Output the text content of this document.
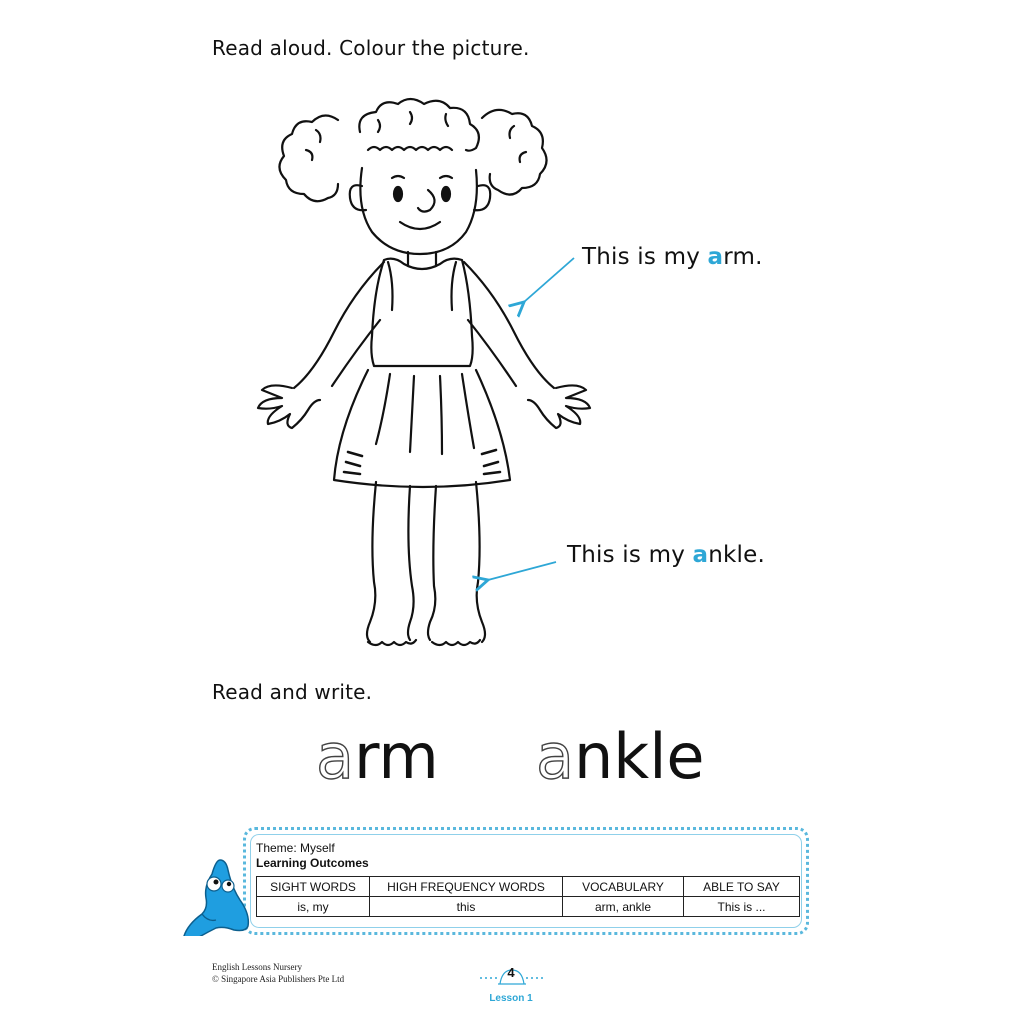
Read aloud. Colour the picture.
This is my arm.
This is my ankle.
Read and write.
arm ankle
Theme: Myself
Learning Outcomes
SIGHT WORDS	HIGH FREQUENCY WORDS	VOCABULARY	ABLE TO SAY
is, my	this	arm, ankle	This is ...
English Lessons Nursery
© Singapore Asia Publishers Pte Ltd	4
Lesson 1
